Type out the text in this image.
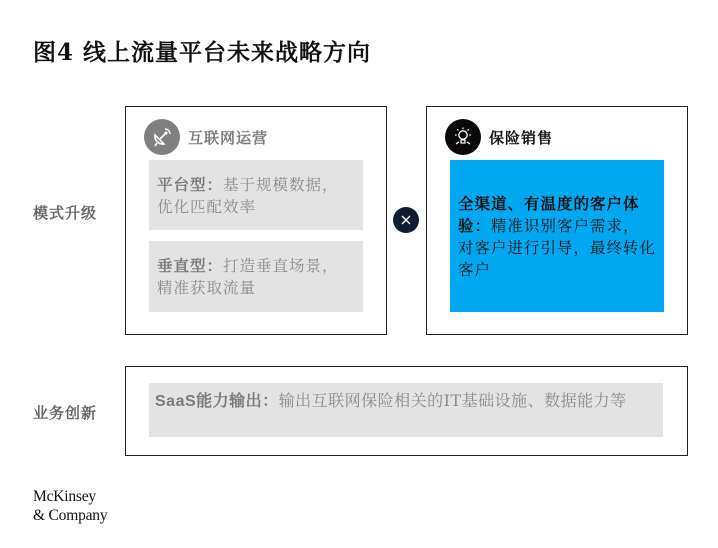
图4 线上流量平台未来战略方向
模式升级
业务创新
互联网运营
平台型：基于规模数据，优化匹配效率
垂直型：打造垂直场景，精准获取流量
保险销售
全渠道、有温度的客户体验：精准识别客户需求，对客户进行引导，最终转化客户
SaaS能力输出：输出互联网保险相关的IT基础设施、数据能力等
McKinsey
& Company
